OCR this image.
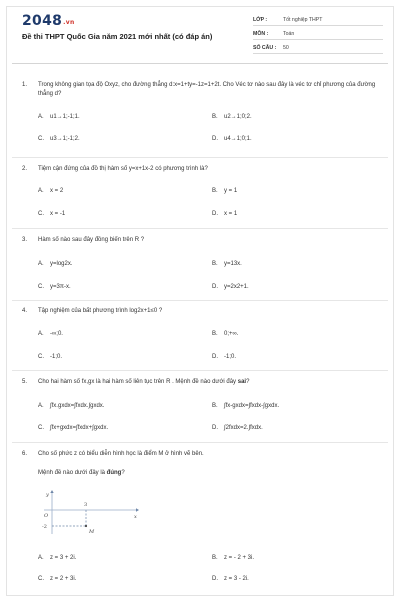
2048.vn
Đề thi THPT Quốc Gia năm 2021 mới nhất (có đáp án)
LỚP :	Tốt nghiệp THPT
MÔN :	Toán
SỐ CÂU :	50
1.	Trong không gian tọa độ Oxyz, cho đường thẳng d:x=1+ty=-1z=1+2t. Cho Véc tơ nào sau đây là véc tơ chỉ phương của đường thẳng d?
A.	u1→1;-1;1.	B.	u2→1;0;2.
C.	u3→1;-1;2.	D.	u4→1;0;1.
2.	Tiệm cận đứng của đồ thị hàm số y=x+1x-2 có phương trình là?
A.	x = 2	B.	y = 1
C.	x = -1	D.	x = 1
3.	Hàm số nào sau đây đồng biến trên R ?
A.	y=log2x.	B.	y=13x.
C.	y=3π-x.	D.	y=2x2+1.
4.	Tập nghiệm của bất phương trình log2x+1≤0 ?
A.	-∞;0.	B.	0;+∞.
C.	-1;0.	D.	-1;0.
5.	Cho hai hàm số fx,gx là hai hàm số liên tục trên R . Mệnh đề nào dưới đây sai?
A.	∫fx.gxdx=∫fxdx.∫gxdx.	B.	∫fx-gxdx=∫fxdx-∫gxdx.
C.	∫fx+gxdx=∫fxdx+∫gxdx.	D.	∫2fxdx=2.∫fxdx.
6.	Cho số phức z có biểu diễn hình học là điểm M ở hình vẽ bên.
Mệnh đề nào dưới đây là đúng?
y
x
O
3
-2
M
A.	z = 3 + 2i.	B.	z = - 2 + 3i.
C.	z = 2 + 3i.	D.	z = 3 - 2i.
